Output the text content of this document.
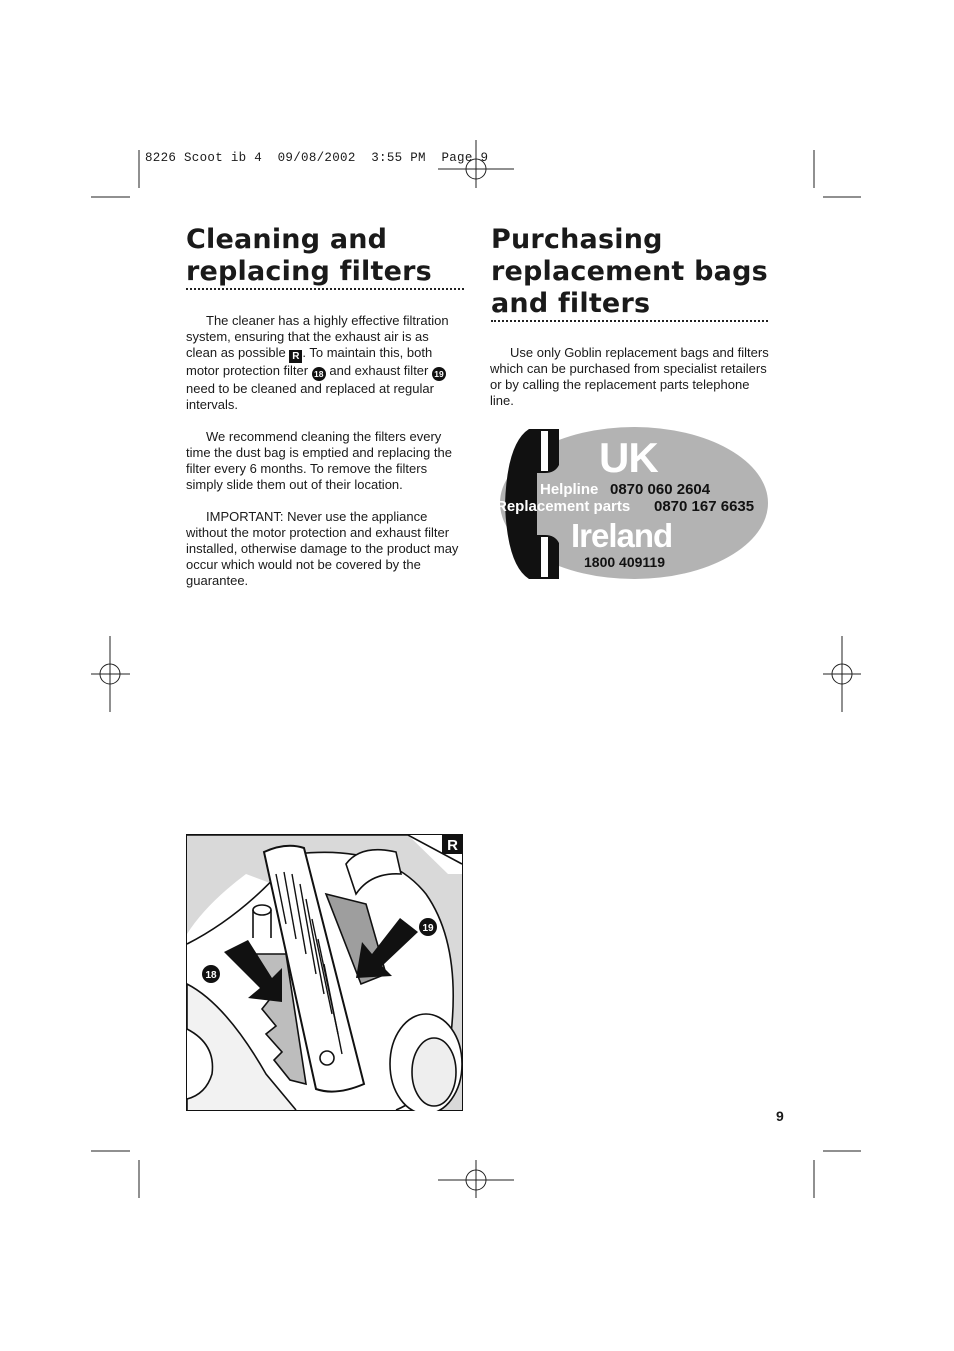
8226 Scoot ib 4  09/08/2002  3:55 PM  Page 9
Cleaning and
replacing filters

The cleaner has a highly effective filtration system, ensuring that the exhaust air is as clean as possible R . To maintain this, both motor protection filter 18 and exhaust filter 19 need to be cleaned and replaced at regular intervals.

We recommend cleaning the filters every time the dust bag is emptied and replacing the filter every 6 months. To remove the filters simply slide them out of their location.

IMPORTANT: Never use the appliance without the motor protection and exhaust filter installed, otherwise damage to the product may occur which would not be covered by the guarantee.

Purchasing
replacement bags
and filters

Use only Goblin replacement bags and filters which can be purchased from specialist retailers or by calling the replacement parts telephone line.

UK
Helpline 0870 060 2604
Replacement parts 0870 167 6635
Ireland
1800 409119
R
18
19
9
